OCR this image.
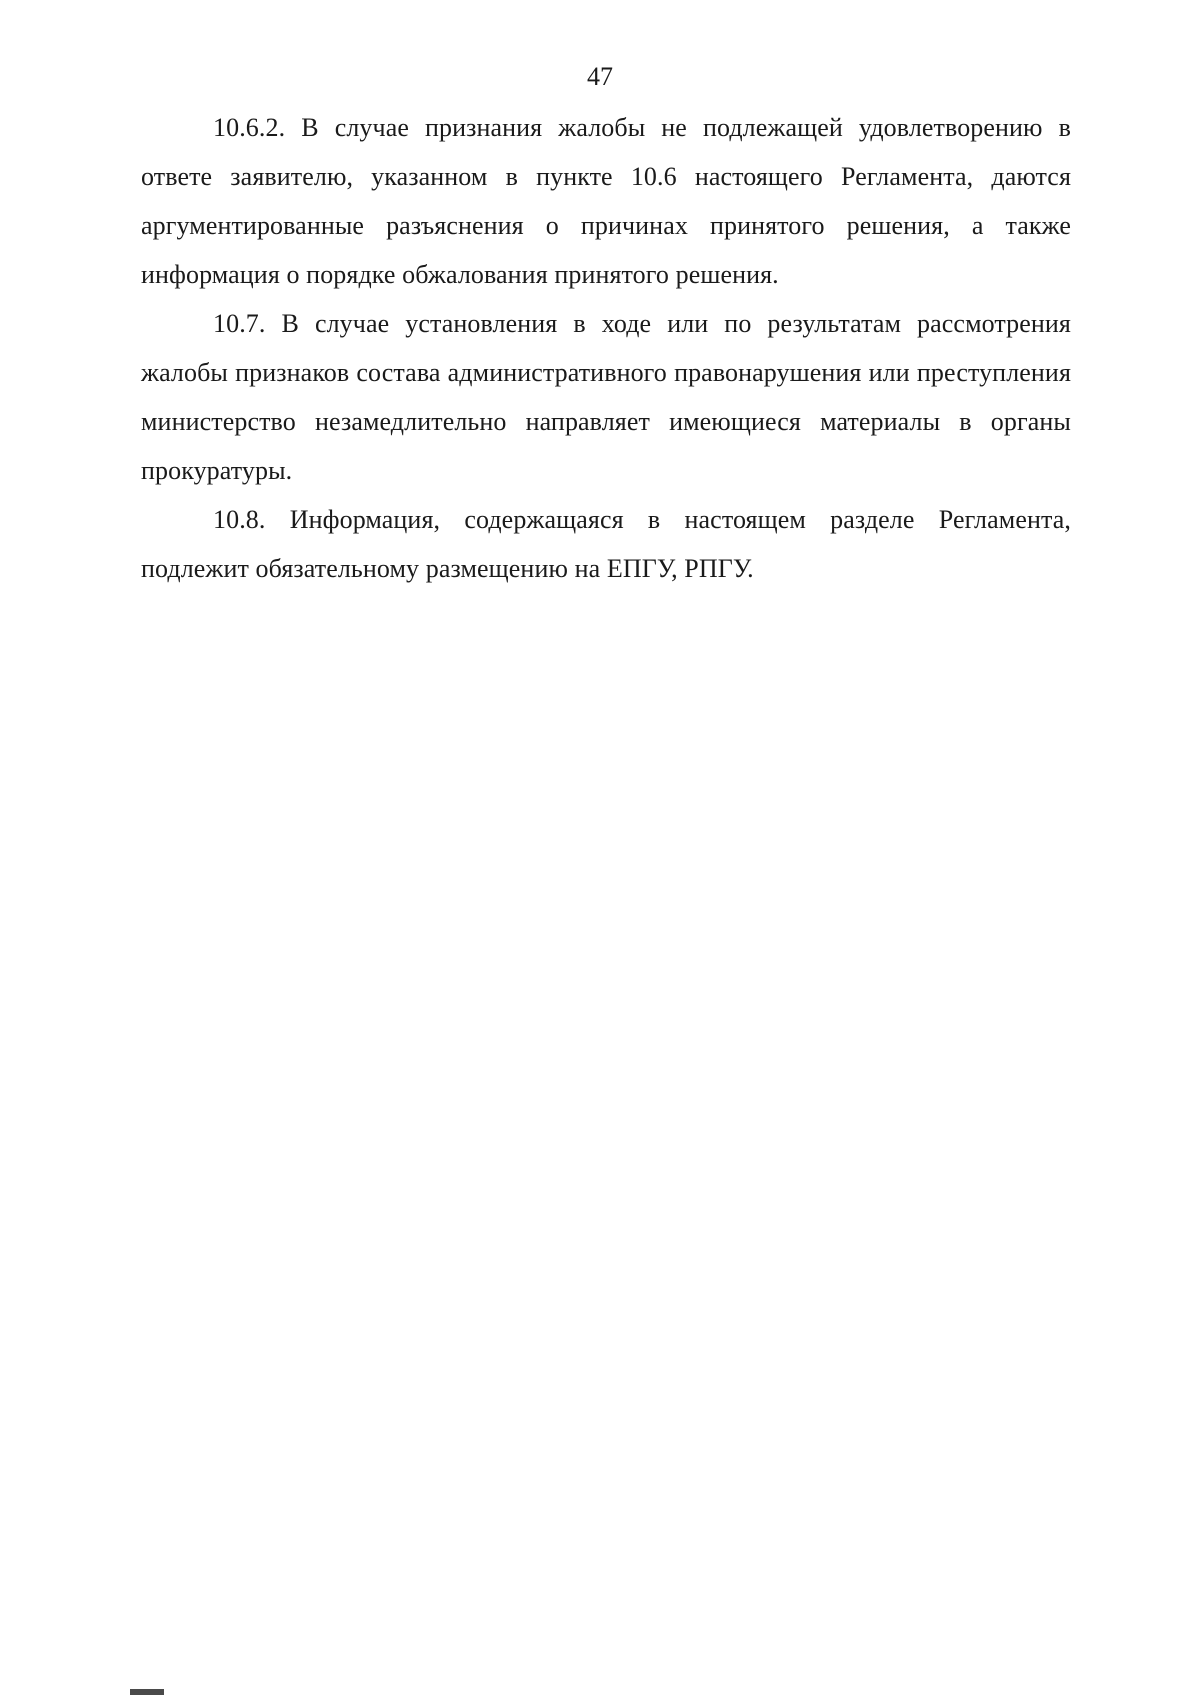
47

10.6.2. В случае признания жалобы не подлежащей удовлетворению в ответе заявителю, указанном в пункте 10.6 настоящего Регламента, даются аргументированные разъяснения о причинах принятого решения, а также информация о порядке обжалования принятого решения.

10.7. В случае установления в ходе или по результатам рассмотрения жалобы признаков состава административного правонарушения или преступления министерство незамедлительно направляет имеющиеся материалы в органы прокуратуры.

10.8. Информация, содержащаяся в настоящем разделе Регламента, подлежит обязательному размещению на ЕПГУ, РПГУ.
